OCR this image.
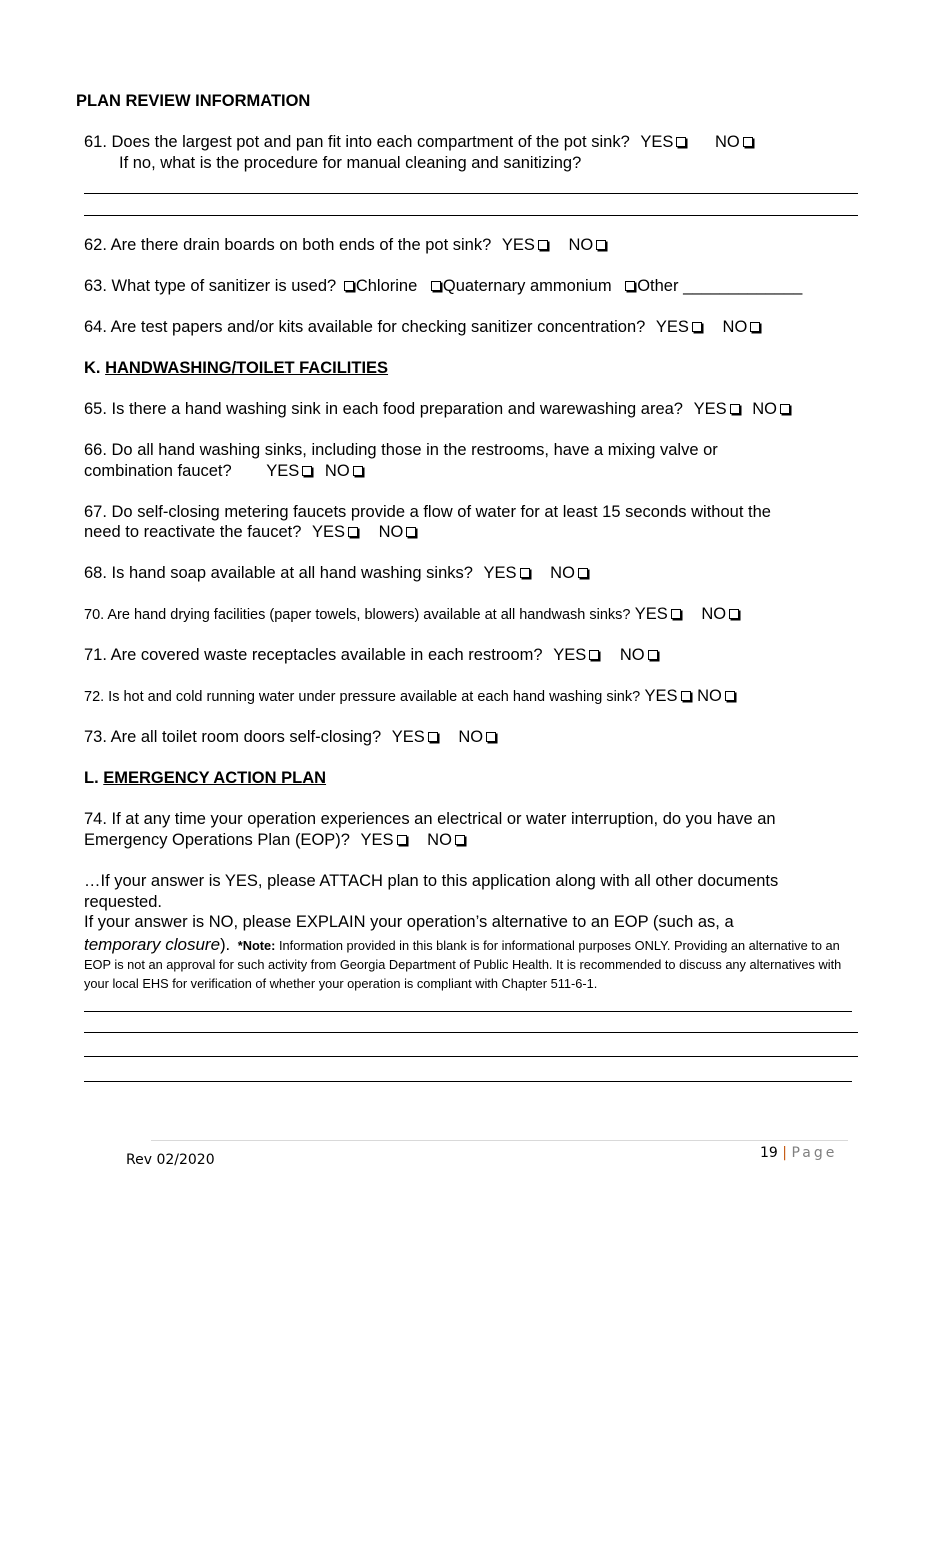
PLAN REVIEW INFORMATION
61. Does the largest pot and pan fit into each compartment of the pot sink? YES	NO
If no, what is the procedure for manual cleaning and sanitizing?
62. Are there drain boards on both ends of the pot sink? YES NO
63. What type of sanitizer is used? Chlorine Quaternary ammonium Other _____________
64. Are test papers and/or kits available for checking sanitizer concentration? YES NO
K. HANDWASHING/TOILET FACILITIES
65. Is there a hand washing sink in each food preparation and warewashing area? YES NO
66. Do all hand washing sinks, including those in the restrooms, have a mixing valve or
combination faucet? YES NO
67. Do self-closing metering faucets provide a flow of water for at least 15 seconds without the
need to reactivate the faucet? YES NO
68. Is hand soap available at all hand washing sinks? YES NO
70. Are hand drying facilities (paper towels, blowers) available at all handwash sinks? YES NO
71. Are covered waste receptacles available in each restroom? YES NO
72. Is hot and cold running water under pressure available at each hand washing sink? YES NO
73. Are all toilet room doors self-closing? YES NO
L. EMERGENCY ACTION PLAN
74. If at any time your operation experiences an electrical or water interruption, do you have an
Emergency Operations Plan (EOP)? YES NO
…If your answer is YES, please ATTACH plan to this application along with all other documents
requested.
If your answer is NO, please EXPLAIN your operation’s alternative to an EOP (such as, a
temporary closure). *Note: Information provided in this blank is for informational purposes ONLY. Providing an alternative to an EOP is not an approval for such activity from Georgia Department of Public Health. It is recommended to discuss any alternatives with your local EHS for verification of whether your operation is compliant with Chapter 511-6-1.
Rev 02/2020	19 | Page
